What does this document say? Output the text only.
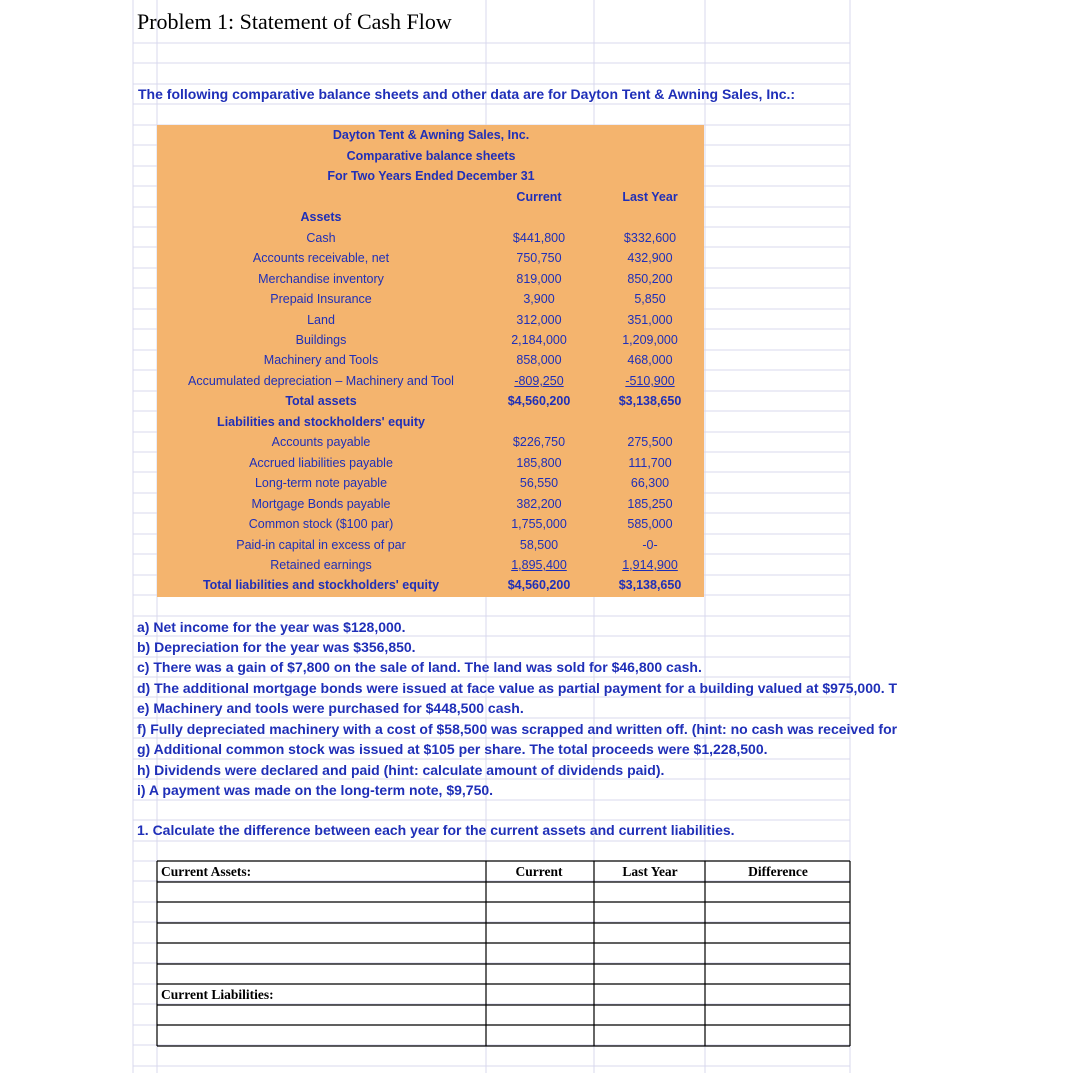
Problem 1: Statement of Cash Flow
The following comparative balance sheets and other data are for Dayton Tent & Awning Sales, Inc.:
Dayton Tent & Awning Sales, Inc.
Comparative balance sheets
For Two Years Ended December 31
Current	Last Year
Assets
Cash	$441,800	$332,600
Accounts receivable, net	750,750	432,900
Merchandise inventory	819,000	850,200
Prepaid Insurance	3,900	5,850
Land	312,000	351,000
Buildings	2,184,000	1,209,000
Machinery and Tools	858,000	468,000
Accumulated depreciation – Machinery and Tool	-809,250	-510,900
Total assets	$4,560,200	$3,138,650
Liabilities and stockholders' equity
Accounts payable	$226,750	275,500
Accrued liabilities payable	185,800	111,700
Long-term note payable	56,550	66,300
Mortgage Bonds payable	382,200	185,250
Common stock ($100 par)	1,755,000	585,000
Paid-in capital in excess of par	58,500	-0-
Retained earnings	1,895,400	1,914,900
Total liabilities and stockholders' equity	$4,560,200	$3,138,650
a) Net income for the year was $128,000.
b) Depreciation for the year was $356,850.
c) There was a gain of $7,800 on the sale of land. The land was sold for $46,800 cash.
d) The additional mortgage bonds were issued at face value as partial payment for a building valued at $975,000. T
e) Machinery and tools were purchased for $448,500 cash.
f) Fully depreciated machinery with a cost of $58,500 was scrapped and written off. (hint: no cash was received for
g) Additional common stock was issued at $105 per share. The total proceeds were $1,228,500.
h) Dividends were declared and paid (hint: calculate amount of dividends paid).
i) A payment was made on the long-term note, $9,750.
1. Calculate the difference between each year for the current assets and current liabilities.
Current Assets:	Current	Last Year	Difference
Current Liabilities:
